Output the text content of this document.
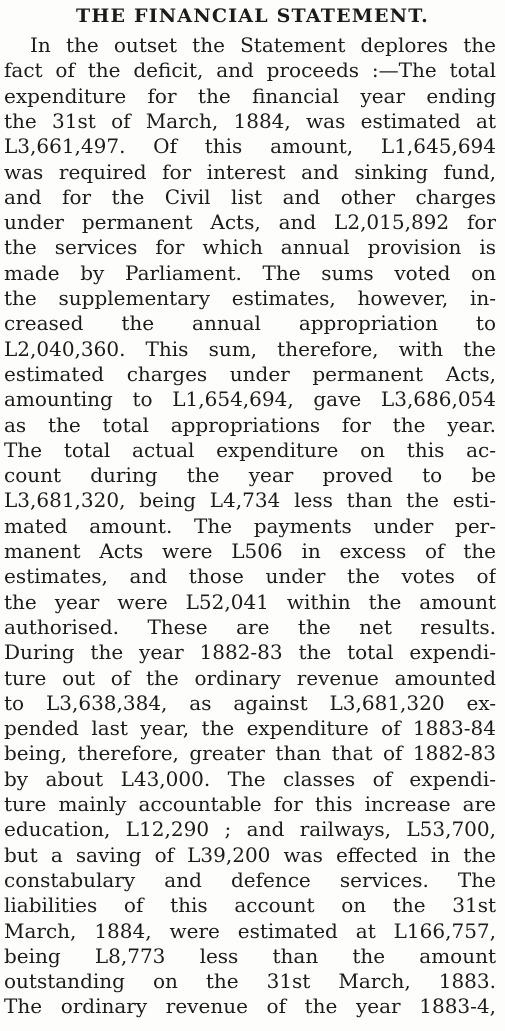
THE FINANCIAL STATEMENT.
In the outset the Statement deplores the
fact of the deficit, and proceeds :—The total
expenditure for the financial year ending
the 31st of March, 1884, was estimated at
L3,661,497. Of this amount, L1,645,694
was required for interest and sinking fund,
and for the Civil list and other charges
under permanent Acts, and L2,015,892 for
the services for which annual provision is
made by Parliament. The sums voted on
the supplementary estimates, however, in-
creased the annual appropriation to
L2,040,360. This sum, therefore, with the
estimated charges under permanent Acts,
amounting to L1,654,694, gave L3,686,054
as the total appropriations for the year.
The total actual expenditure on this ac-
count during the year proved to be
L3,681,320, being L4,734 less than the esti-
mated amount. The payments under per-
manent Acts were L506 in excess of the
estimates, and those under the votes of
the year were L52,041 within the amount
authorised. These are the net results.
During the year 1882-83 the total expendi-
ture out of the ordinary revenue amounted
to L3,638,384, as against L3,681,320 ex-
pended last year, the expenditure of 1883-84
being, therefore, greater than that of 1882-83
by about L43,000. The classes of expendi-
ture mainly accountable for this increase are
education, L12,290 ; and railways, L53,700,
but a saving of L39,200 was effected in the
constabulary and defence services. The
liabilities of this account on the 31st
March, 1884, were estimated at L166,757,
being L8,773 less than the amount
outstanding on the 31st March, 1883.
The ordinary revenue of the year 1883-4,
